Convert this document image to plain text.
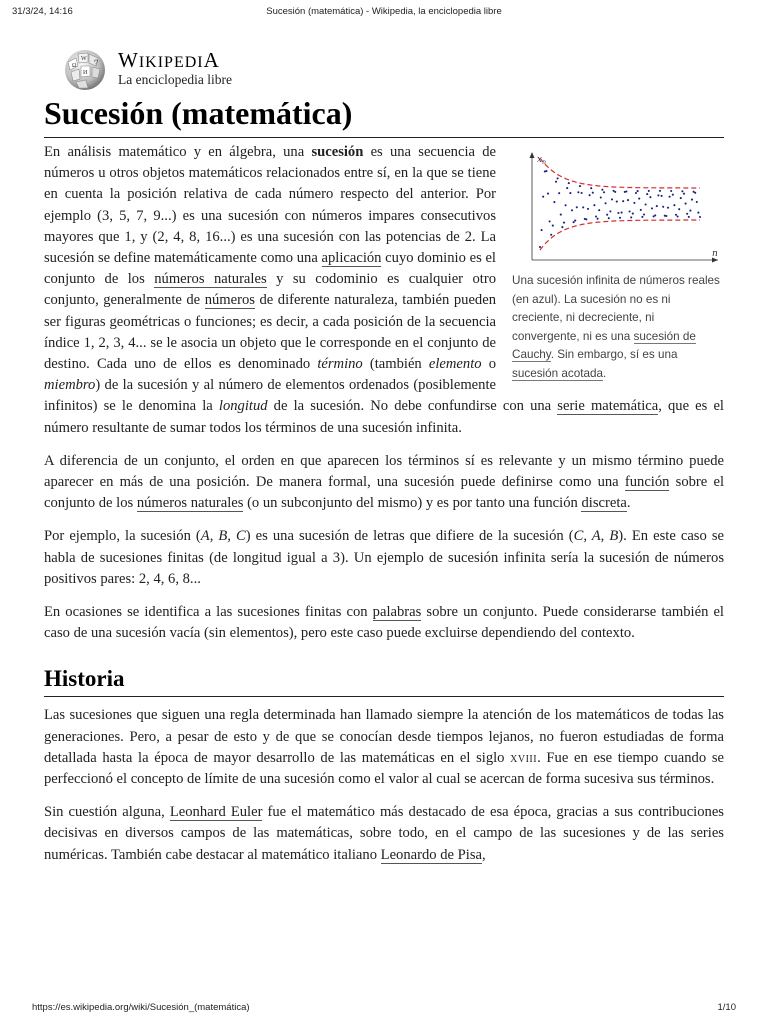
31/3/24, 14:16	Sucesión (matemática) - Wikipedia, la enciclopedia libre
Ω
W
И
ウ WIKIPEDIA
La enciclopedia libre
Sucesión (matemática)
$x_n$
n
Una sucesión infinita de números reales (en azul). La sucesión no es ni creciente, ni decreciente, ni convergente, ni es una sucesión de Cauchy. Sin embargo, sí es una sucesión acotada.

En análisis matemático y en álgebra, una sucesión es una secuencia de números u otros objetos matemáticos relacionados entre sí, en la que se tiene en cuenta la posición relativa de cada número respecto del anterior. Por ejemplo (3, 5, 7, 9...) es una sucesión con números impares consecutivos mayores que 1, y (2, 4, 8, 16...) es una sucesión con las potencias de 2. La sucesión se define matemáticamente como una aplicación cuyo dominio es el conjunto de los números naturales y su codominio es cualquier otro conjunto, generalmente de números de diferente naturaleza, también pueden ser figuras geométricas o funciones; es decir, a cada posición de la secuencia índice 1, 2, 3, 4... se le asocia un objeto que le corresponde en el conjunto de destino. Cada uno de ellos es denominado término (también elemento o miembro) de la sucesión y al número de elementos ordenados (posiblemente infinitos) se le denomina la longitud de la sucesión. No debe confundirse con una serie matemática, que es el número resultante de sumar todos los términos de una sucesión infinita.

A diferencia de un conjunto, el orden en que aparecen los términos sí es relevante y un mismo término puede aparecer en más de una posición. De manera formal, una sucesión puede definirse como una función sobre el conjunto de los números naturales (o un subconjunto del mismo) y es por tanto una función discreta.

Por ejemplo, la sucesión (A, B, C) es una sucesión de letras que difiere de la sucesión (C, A, B). En este caso se habla de sucesiones finitas (de longitud igual a 3). Un ejemplo de sucesión infinita sería la sucesión de números positivos pares: 2, 4, 6, 8...

En ocasiones se identifica a las sucesiones finitas con palabras sobre un conjunto. Puede considerarse también el caso de una sucesión vacía (sin elementos), pero este caso puede excluirse dependiendo del contexto.

Historia

Las sucesiones que siguen una regla determinada han llamado siempre la atención de los matemáticos de todas las generaciones. Pero, a pesar de esto y de que se conocían desde tiempos lejanos, no fueron estudiadas de forma detallada hasta la época de mayor desarrollo de las matemáticas en el siglo xviii. Fue en ese tiempo cuando se perfeccionó el concepto de límite de una sucesión como el valor al cual se acercan de forma sucesiva sus términos.

Sin cuestión alguna, Leonhard Euler fue el matemático más destacado de esa época, gracias a sus contribuciones decisivas en diversos campos de las matemáticas, sobre todo, en el campo de las sucesiones y de las series numéricas. También cabe destacar al matemático italiano Leonardo de Pisa,

https://es.wikipedia.org/wiki/Sucesión_(matemática)	1/10
